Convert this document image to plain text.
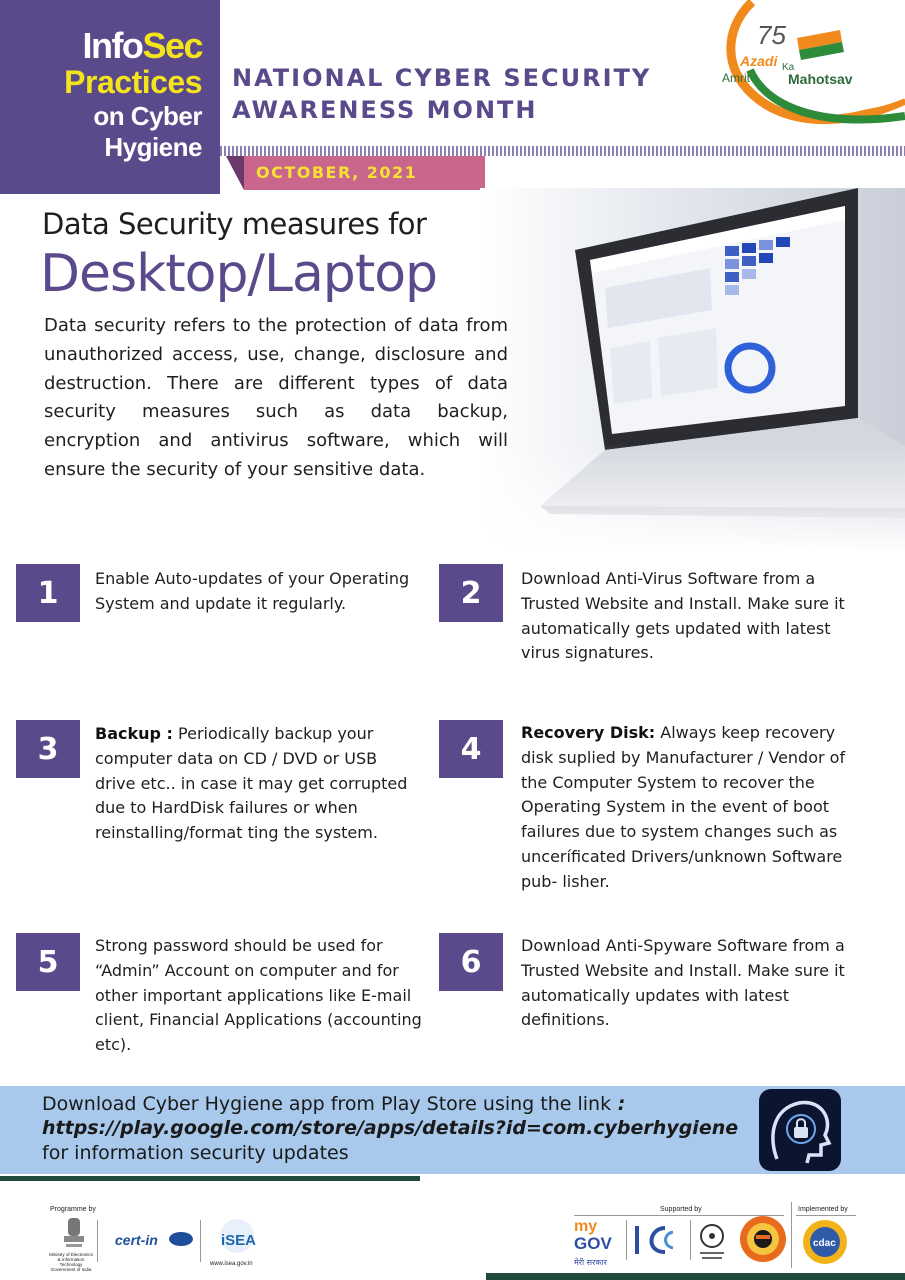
InfoSec
Practices
on Cyber
Hygiene
NATIONAL CYBER SECURITY
AWARENESS MONTH
OCTOBER, 2021
75
Azadi Ka
Amrit	Mahotsav
Data Security measures for
Desktop/Laptop
Data security refers to the protection of data from unauthorized access, use, change, disclosure and destruction. There are different types of data security measures such as data backup, encryption and antivirus software, which will ensure the security of your sensitive data.
1	Enable Auto-updates of your Operating System and update it regularly.	2	Download Anti-Virus Software from a Trusted Website and Install. Make sure it automatically gets updated with latest virus signatures.
3	Backup : Periodically backup your computer data on CD / DVD or USB drive etc.. in case it may get corrupted due to HardDisk failures or when reinstalling/format ting the system.
4	Recovery Disk: Always keep recovery disk suplied by Manufacturer / Vendor of the Computer System to recover the Operating System in the event of boot failures due to system changes such as unceríficated Drivers/unknown Software pub- lisher.
5	Strong password should be used for “Admin” Account on computer and for other important applications like E-mail client, Financial Applications (accounting etc).
6	Download Anti-Spyware Software from a Trusted Website and Install. Make sure it automatically updates with latest definitions.
Download Cyber Hygiene app from Play Store using the link :
https://play.google.com/store/apps/details?id=com.cyberhygiene
for information security updates
Programme by
Ministry of Electronics & Information Technology Government of India
cert-in	iSEA
www.isea.gov.in
Supported by	Implemented by
my
GOV
मेरी सरकार
cdac
